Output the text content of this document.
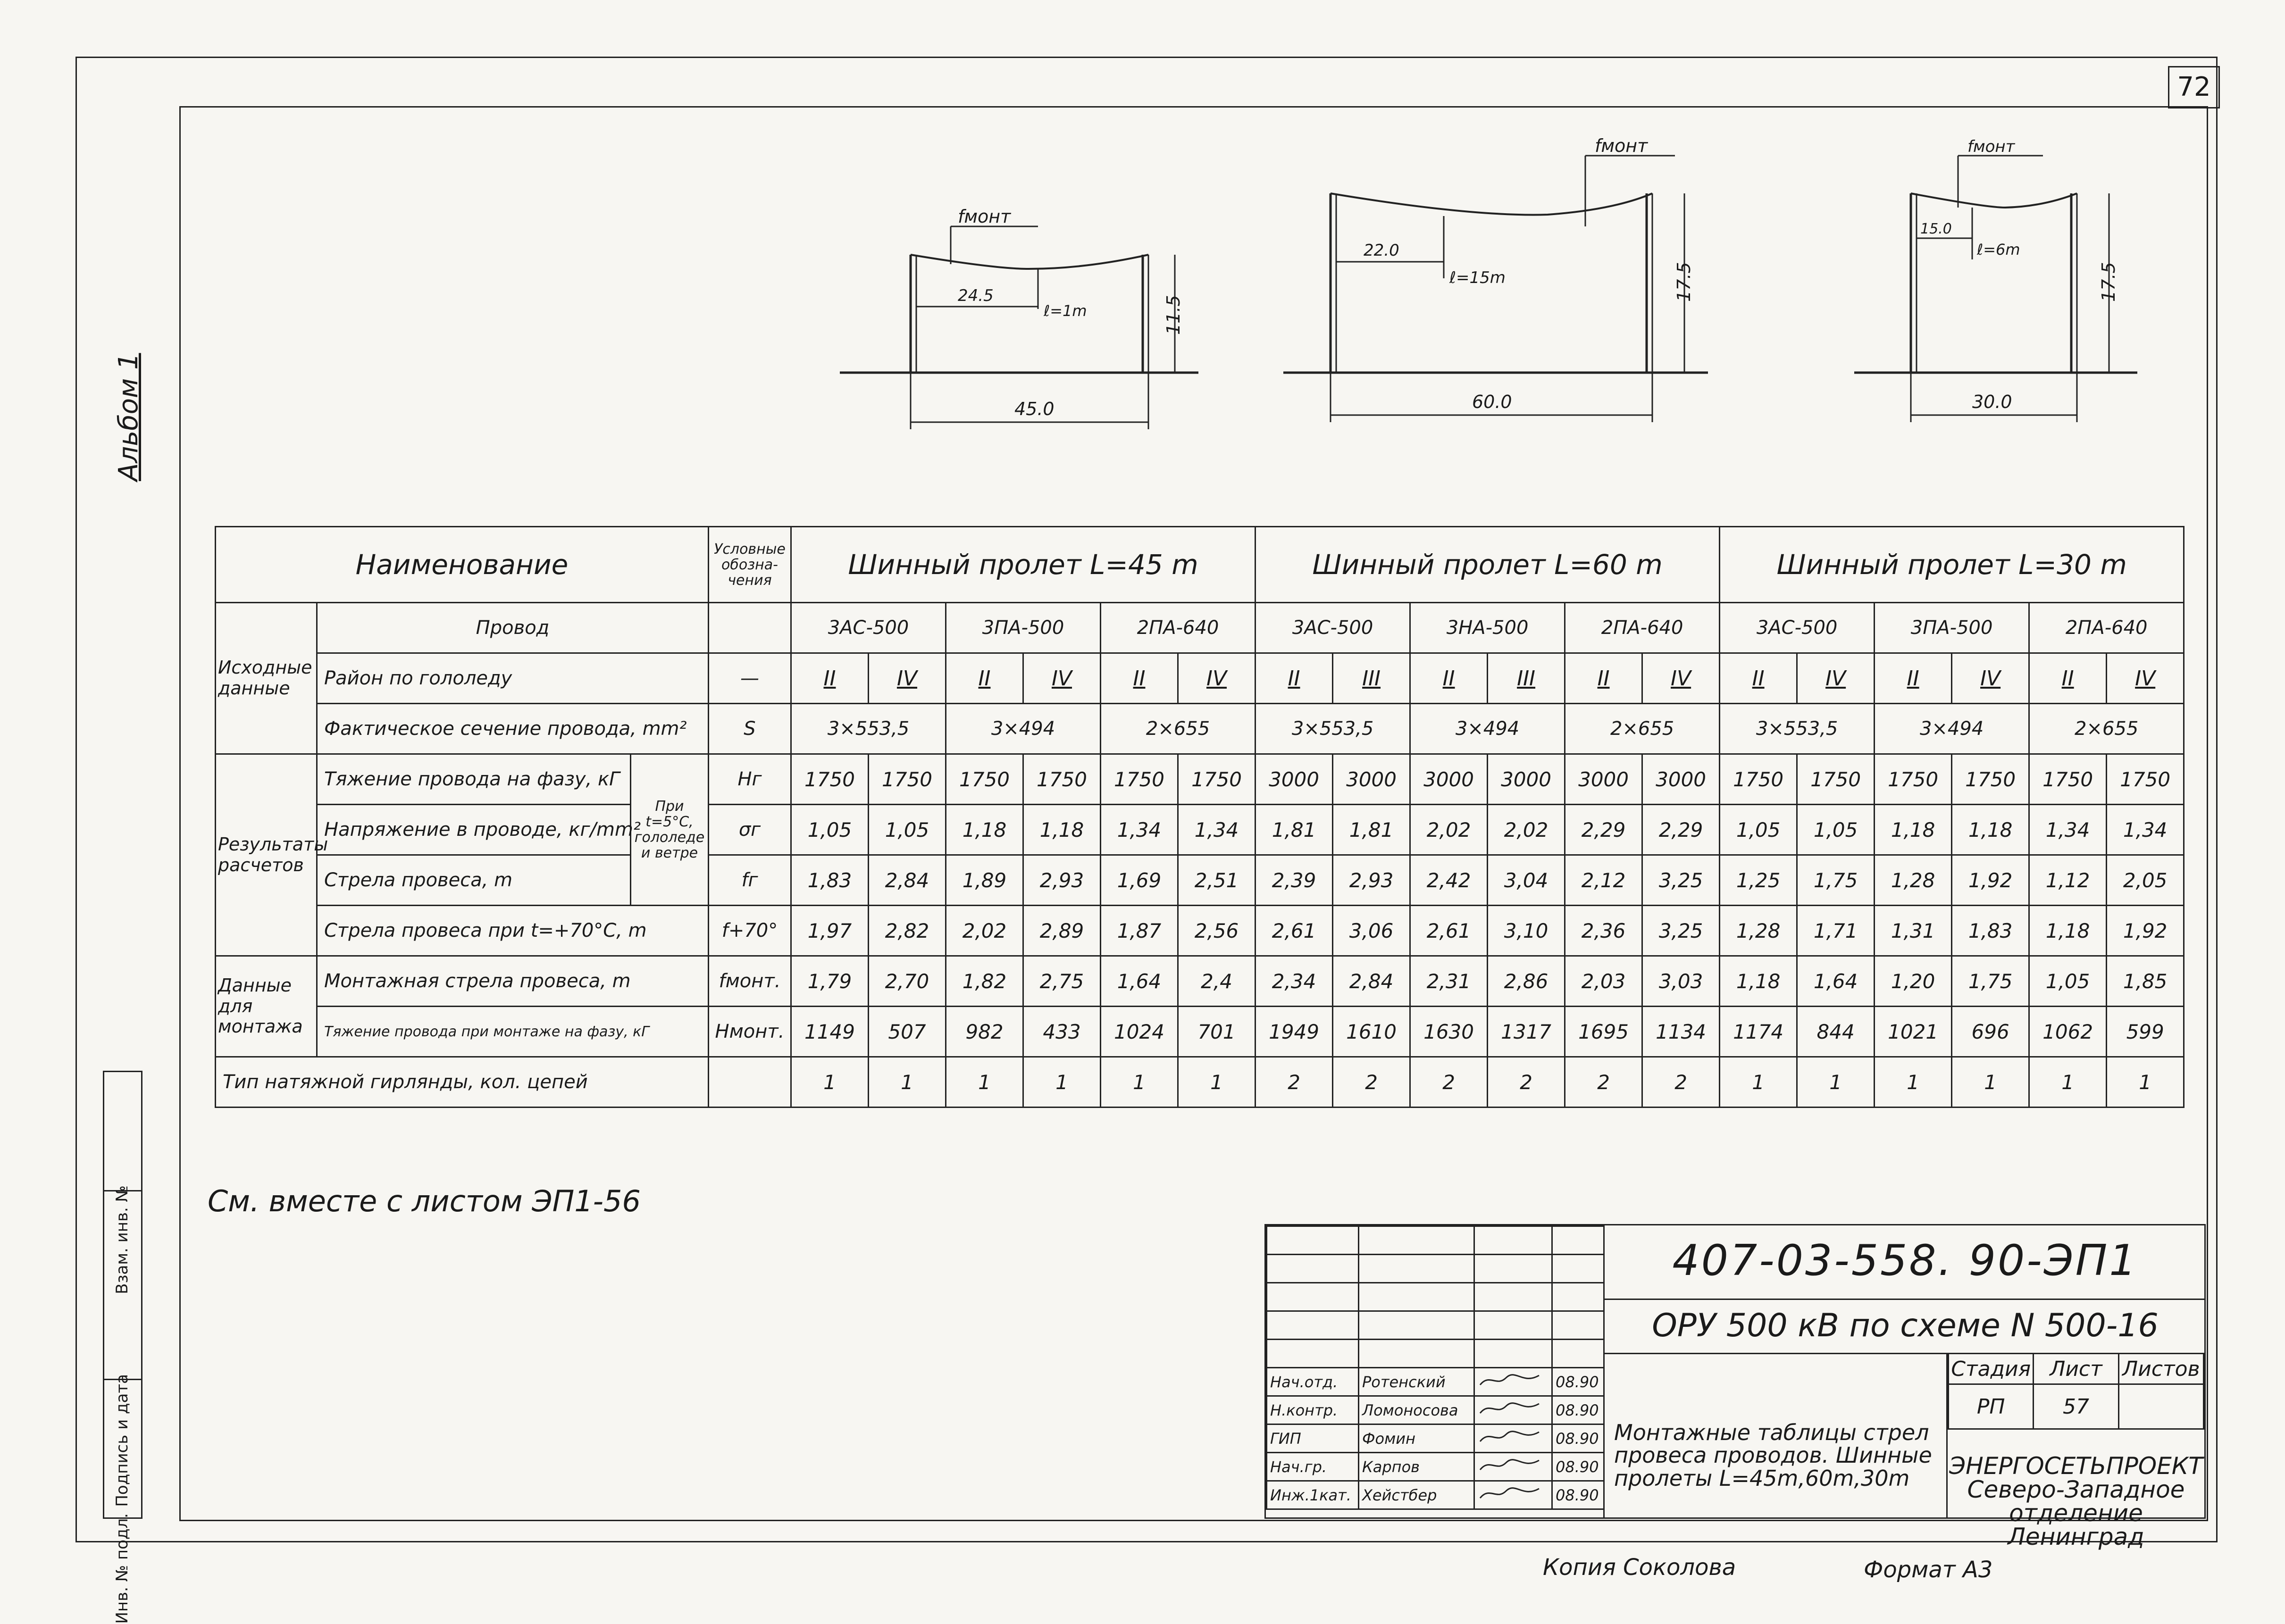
72
Альбом 1
Взам. инв. №
Подпись и дата
Инв. № подл.
fмонт
24.5
ℓ=1m	11.5
45.0
fмонт
22.0
ℓ=15m	17.5
60.0
fмонт
15.0
ℓ=6m
17.5
30.0
Наименование			Условные обозна- чения	Шинный пролет L=45 m						Шинный пролет L=60 m						Шинный пролет L=30 m					
Исходные данные	Провод			3АС-500		3ПА-500		2ПА-640		3АС-500		3НА-500		2ПА-640		3АС-500		3ПА-500		2ПА-640	
	Район по гололеду		—	II	IV	II	IV	II	IV	II	III	II	III	II	IV	II	IV	II	IV	II	IV
	Фактическое сечение провода, mm²		S	3×553,5		3×494		2×655		3×553,5		3×494		2×655		3×553,5		3×494		2×655	
Результаты расчетов	Тяжение провода на фазу, кГ	При t=5°С, гололеде и ветре	Hг	1750	1750	1750	1750	1750	1750	3000	3000	3000	3000	3000	3000	1750	1750	1750	1750	1750	1750
	Напряжение в проводе, кг/mm²		σг	1,05	1,05	1,18	1,18	1,34	1,34	1,81	1,81	2,02	2,02	2,29	2,29	1,05	1,05	1,18	1,18	1,34	1,34
	Стрела провеса, m		fг	1,83	2,84	1,89	2,93	1,69	2,51	2,39	2,93	2,42	3,04	2,12	3,25	1,25	1,75	1,28	1,92	1,12	2,05
	Стрела провеса при t=+70°С, m		f+70°	1,97	2,82	2,02	2,89	1,87	2,56	2,61	3,06	2,61	3,10	2,36	3,25	1,28	1,71	1,31	1,83	1,18	1,92
Данные для монтажа	Монтажная стрела провеса, m		fмонт.	1,79	2,70	1,82	2,75	1,64	2,4	2,34	2,84	2,31	2,86	2,03	3,03	1,18	1,64	1,20	1,75	1,05	1,85
	Тяжение провода при монтаже на фазу, кГ		Hмонт.	1149	507	982	433	1024	701	1949	1610	1630	1317	1695	1134	1174	844	1021	696	1062	599
Тип натяжной гирлянды, кол. цепей				1	1	1	1	1	1	2	2	2	2	2	2	1	1	1	1	1	1
См. вместе с листом ЭП1-56

Нач.отд.	Ротенский		08.90
Н.контр.	Ломоносова		08.90
ГИП	Фомин		08.90
Нач.гр.	Карпов		08.90
Инж.1кат.	Хейстбер		08.90
407-03-558. 90-ЭП1
ОРУ 500 кВ по схеме N 500-16
Монтажные таблицы стрел провеса проводов. Шинные пролеты L=45m,60m,30m
Стадия	Лист	Листов
РП	57	
ЭНЕРГОСЕТЬПРОЕКТ Северо-Западное отделение Ленинград
Копия Соколова	Формат А3
